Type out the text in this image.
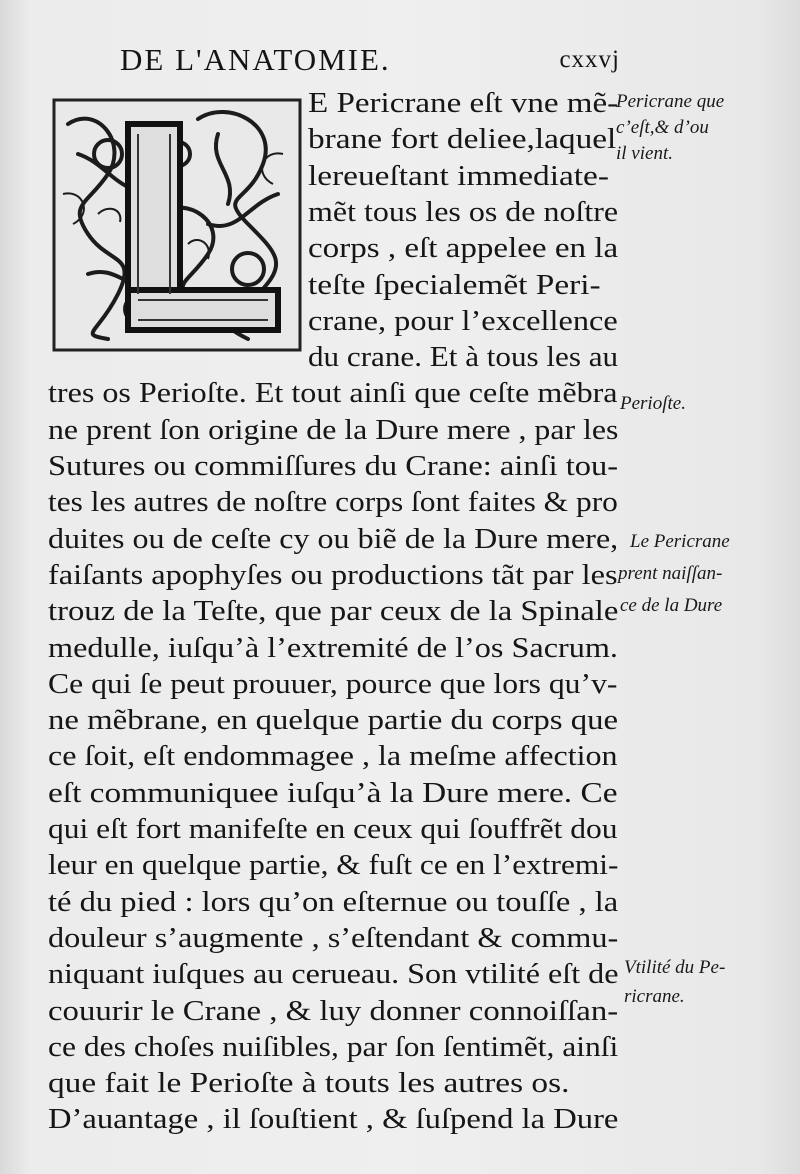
DE L'ANATOMIE.	cxxvj
E Pericrane eſt vne mẽ-
brane fort deliee,laquel
lereueſtant immediate-
mẽt tous les os de noſtre
corps , eſt appelee en la
teſte ſpecialemẽt Peri-
crane, pour l’excellence
du crane. Et à tous les au
tres os Perioſte. Et tout ainſi que ceſte mẽbra
ne prent ſon origine de la Dure mere , par les
Sutures ou commiſſures du Crane: ainſi tou-
tes les autres de noſtre corps ſont faites & pro
duites ou de ceſte cy ou biẽ de la Dure mere,
faiſants apophyſes ou productions tãt par les
trouz de la Teſte, que par ceux de la Spinale
medulle, iuſqu’à l’extremité de l’os Sacrum.
Ce qui ſe peut prouuer, pource que lors qu’v-
ne mẽbrane, en quelque partie du corps que
ce ſoit, eſt endommagee , la meſme affection
eſt communiquee iuſqu’à la Dure mere. Ce
qui eſt fort manifeſte en ceux qui ſouffrẽt dou
leur en quelque partie, & fuſt ce en l’extremi-
té du pied : lors qu’on eſternue ou touſſe , la
douleur s’augmente , s’eſtendant & commu-
niquant iuſques au cerueau. Son vtilité eſt de
couurir le Crane , & luy donner connoiſſan-
ce des choſes nuiſibles, par ſon ſentimẽt, ainſi
que fait le Perioſte à touts les autres os.
D’auantage , il ſouſtient , & ſuſpend la Dure
Pericrane que
c’eſt,& d’ou
il vient.
Perioſte.
Le Pericrane
prent naiſſan-
ce de la Dure
Vtilité du Pe-
ricrane.
